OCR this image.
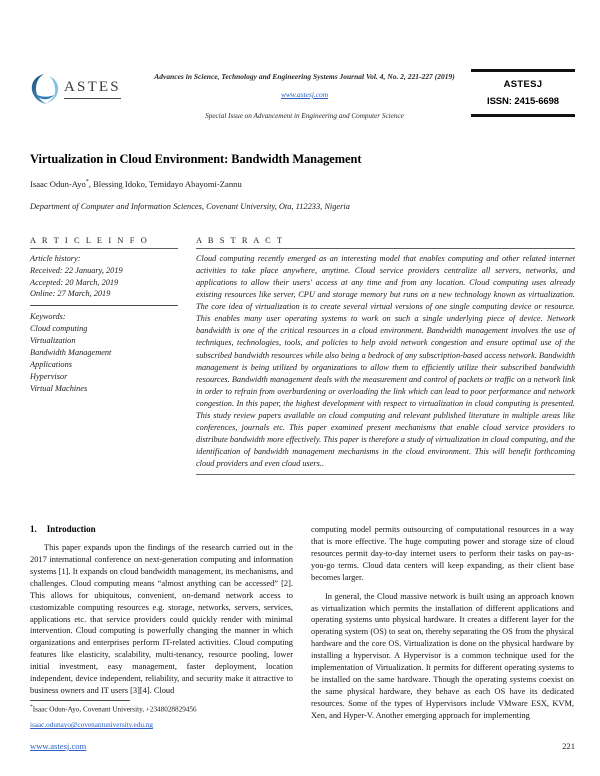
ASTES
Advances in Science, Technology and Engineering Systems Journal Vol. 4, No. 2, 221-227 (2019)
www.astesj.com
Special Issue on Advancement in Engineering and Computer Science
ASTESJ
ISSN: 2415-6698
Virtualization in Cloud Environment: Bandwidth Management
Isaac Odun-Ayo*, Blessing Idoko, Temidayo Abayomi-Zannu
Department of Computer and Information Sciences, Covenant University, Ota, 112233, Nigeria
A R T I C L E I N F O
Article history:
Received: 22 January, 2019
Accepted: 20 March, 2019
Online: 27 March, 2019
Keywords:
Cloud computing
Virtualization
Bandwidth Management
Applications
Hypervisor
Virtual Machines
A B S T R A C T

Cloud computing recently emerged as an interesting model that enables computing and other related internet activities to take place anywhere, anytime. Cloud service providers centralize all servers, networks, and applications to allow their users' access at any time and from any location. Cloud computing uses already existing resources like server, CPU and storage memory but runs on a new technology known as virtualization. The core idea of virtualization is to create several virtual versions of one single computing device or resource. This enables many user operating systems to work on such a single underlying piece of device. Network bandwidth is one of the critical resources in a cloud environment. Bandwidth management involves the use of techniques, technologies, tools, and policies to help avoid network congestion and ensure optimal use of the subscribed bandwidth resources while also being a bedrock of any subscription-based access network. Bandwidth management is being utilized by organizations to allow them to efficiently utilize their subscribed bandwidth resources. Bandwidth management deals with the measurement and control of packets or traffic on a network link in order to refrain from overburdening or overloading the link which can lead to poor performance and network congestion. In this paper, the highest development with respect to virtualization in cloud computing is presented. This study review papers available on cloud computing and relevant published literature in multiple areas like conferences, journals etc. This paper examined present mechanisms that enable cloud service providers to distribute bandwidth more effectively. This paper is therefore a study of virtualization in cloud computing, and the identification of bandwidth management mechanisms in the cloud environment. This will benefit forthcoming cloud providers and even cloud users..

1. Introduction

This paper expands upon the findings of the research carried out in the 2017 international conference on next-generation computing and information systems [1]. It expands on cloud bandwidth management, its mechanisms, and challenges. Cloud computing means “almost anything can be accessed” [2]. This allows for ubiquitous, convenient, on-demand network access to customizable computing resources e.g. storage, networks, servers, services, applications etc. that service providers could quickly render with minimal intervention. Cloud computing is powerfully changing the manner in which organizations and enterprises perform IT-related activities. Cloud computing features like elasticity, scalability, multi-tenancy, resource pooling, lower initial investment, easy management, faster deployment, location independent, device independent, reliability, and security make it attractive to business owners and IT users [3][4]. Cloud

computing model permits outsourcing of computational resources in a way that is more effective. The huge computing power and storage size of cloud resources permit day-to-day internet users to perform their tasks on pay-as-you-go terms. Cloud data centers will keep expanding, as their client base becomes larger.

In general, the Cloud massive network is built using an approach known as virtualization which permits the installation of different applications and operating systems unto physical hardware. It creates a different layer for the operating system (OS) to seat on, thereby separating the OS from the physical hardware and the core OS. Virtualization is done on the physical hardware by installing a hypervisor. A Hypervisor is a common technique used for the implementation of Virtualization. It permits for different operating systems to be installed on the same hardware. Though the operating systems coexist on the same physical hardware, they behave as each OS have its dedicated resources. Some of the types of Hypervisors include VMware ESX, KVM, Xen, and Hyper-V. Another emerging approach for implementing

*Isaac Odun-Ayo, Covenant University, +2348028829456
isaac.odunayo@covenantuniversity.edu.ng
www.astesj.com	221
